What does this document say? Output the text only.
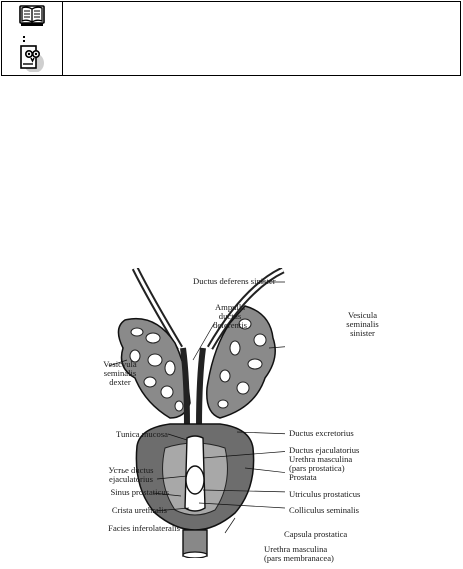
Ductus deferens sinister
Ampulla
ductus
deferentis
Vesicula
seminalis
sinister
Vesicvula
seminalis
dexter
Tunica mucosa	Ductus excretorius
Ductus ejaculatorius
Urethra masculina
(pars prostatica)
Prostata
Устье ductus
ejaculatorius
Sinus prostaticus	Utriculus prostaticus
Crista urethralis	Colliculus seminalis
Facies inferolateralis
Capsula prostatica
Urethra masculina
(pars membranacea)
